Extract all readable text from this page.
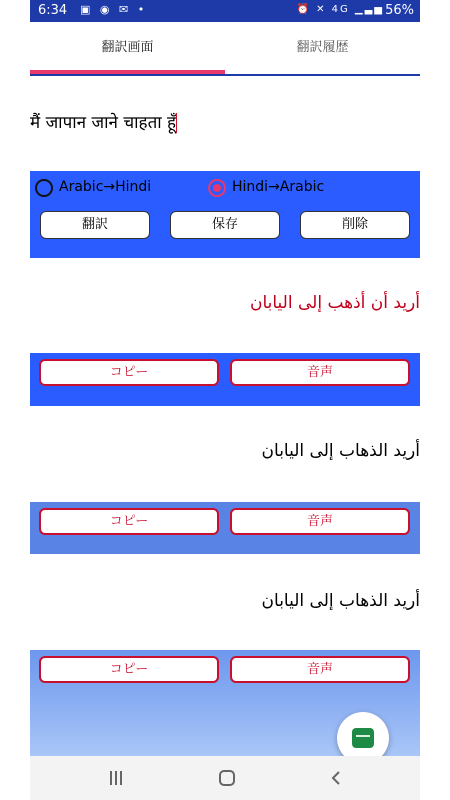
6:34 ▣ ◉ ✉ •	⏰ ✕ 4G ▁▃▅ 56%
翻訳画面	翻訳履歴
मैं जापान जाने चाहता हूँ
Arabic→Hindi	Hindi→Arabic
翻訳	保存	削除
أريد أن أذهب إلى اليابان
コピー	音声
أريد الذهاب إلى اليابان
コピー	音声
أريد الذهاب إلى اليابان
コピー	音声
